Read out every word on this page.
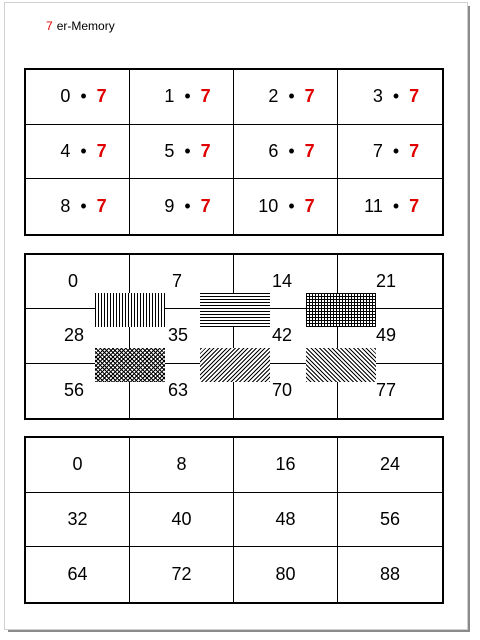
7 er-Memory
0 • 7	1 • 7	2 • 7	3 • 7
4 • 7	5 • 7	6 • 7	7 • 7
8 • 7	9 • 7	10 • 7	11 • 7
0	7	14	21
28	35	42	49
56	63	70	77
0	8	16	24
32	40	48	56
64	72	80	88
